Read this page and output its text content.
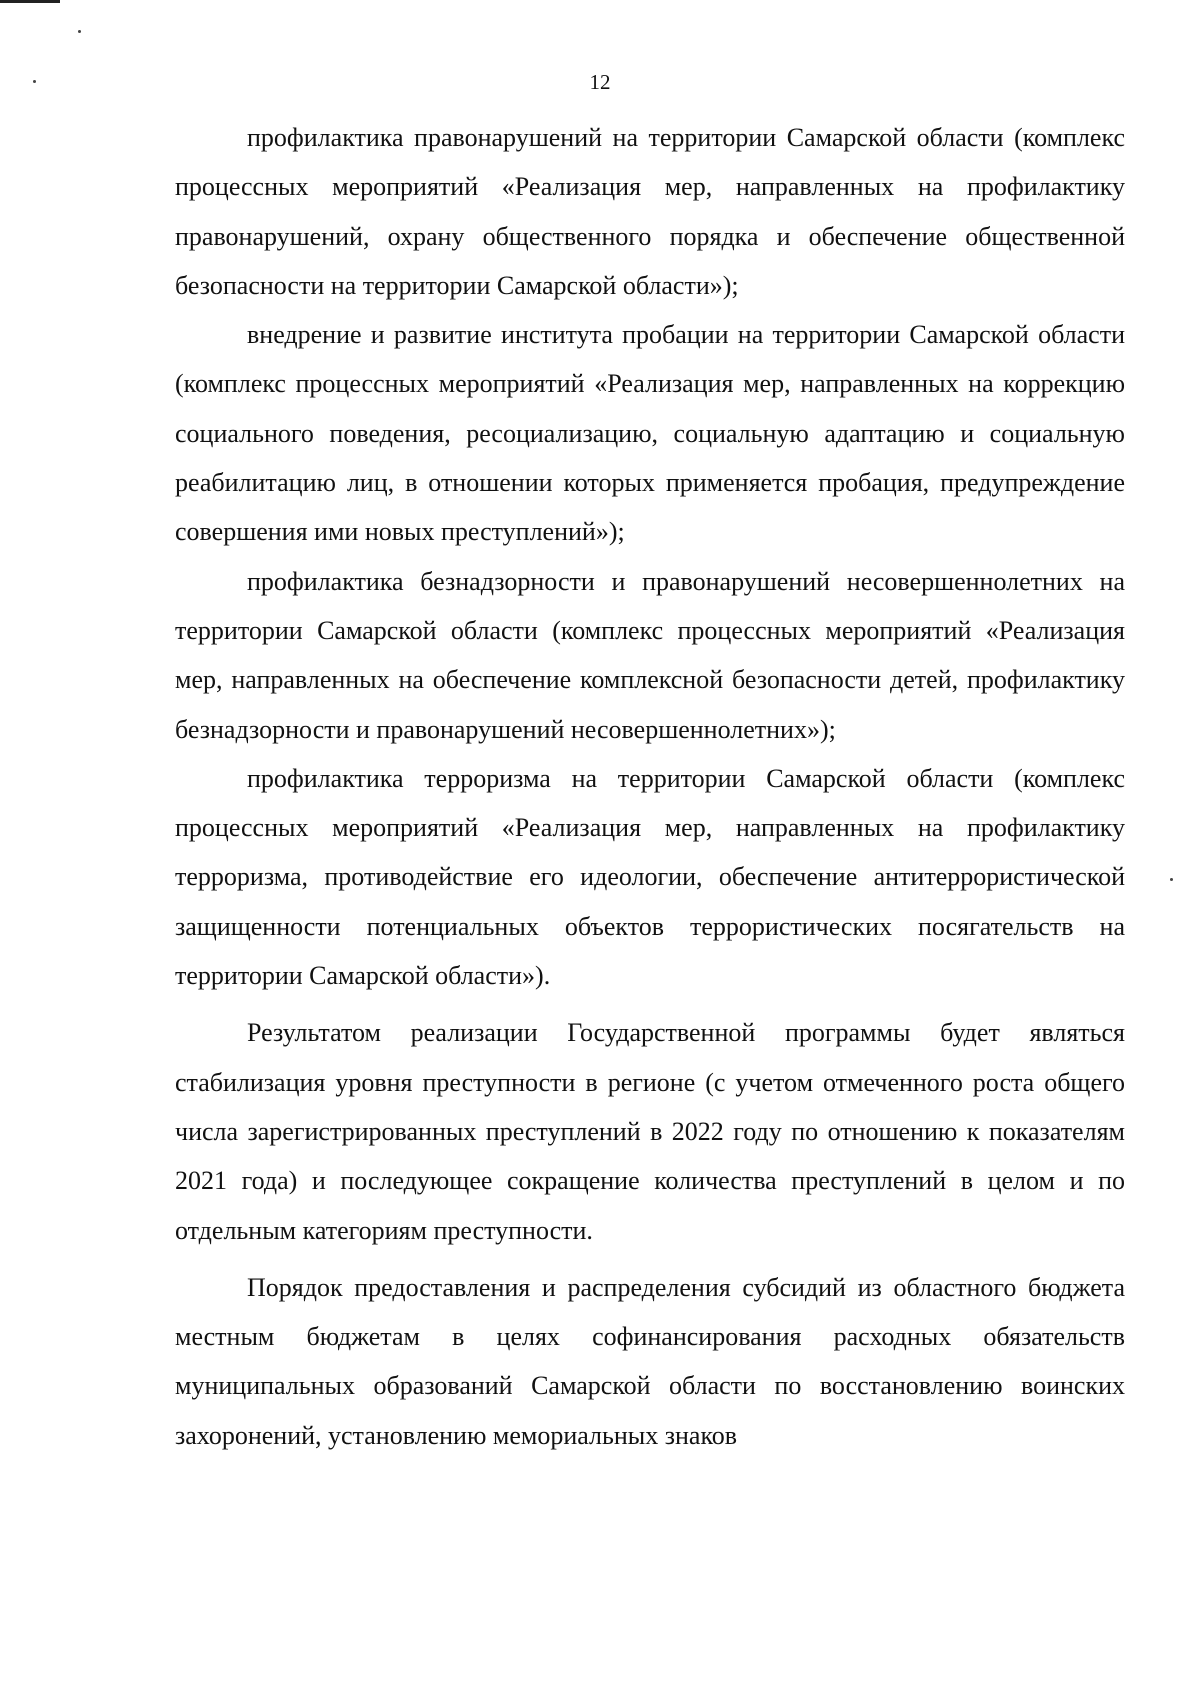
12

профилактика правонарушений на территории Самарской области (комплекс процессных мероприятий «Реализация мер, направленных на профилактику правонарушений, охрану общественного порядка и обеспечение общественной безопасности на территории Самарской области»);

внедрение и развитие института пробации на территории Самарской области (комплекс процессных мероприятий «Реализация мер, направленных на коррекцию социального поведения, ресоциализацию, социальную адаптацию и социальную реабилитацию лиц, в отношении которых применяется пробация, предупреждение совершения ими новых преступлений»);

профилактика безнадзорности и правонарушений несовершеннолетних на территории Самарской области (комплекс процессных мероприятий «Реализация мер, направленных на обеспечение комплексной безопасности детей, профилактику безнадзорности и правонарушений несовершеннолетних»);

профилактика терроризма на территории Самарской области (комплекс процессных мероприятий «Реализация мер, направленных на профилактику терроризма, противодействие его идеологии, обеспечение антитеррористической защищенности потенциальных объектов террористических посягательств на территории Самарской области»).

Результатом реализации Государственной программы будет являться стабилизация уровня преступности в регионе (с учетом отмеченного роста общего числа зарегистрированных преступлений в 2022 году по отношению к показателям 2021 года) и последующее сокращение количества преступлений в целом и по отдельным категориям преступности.

Порядок предоставления и распределения субсидий из областного бюджета местным бюджетам в целях софинансирования расходных обязательств муниципальных образований Самарской области по восстановлению воинских захоронений, установлению мемориальных знаков
